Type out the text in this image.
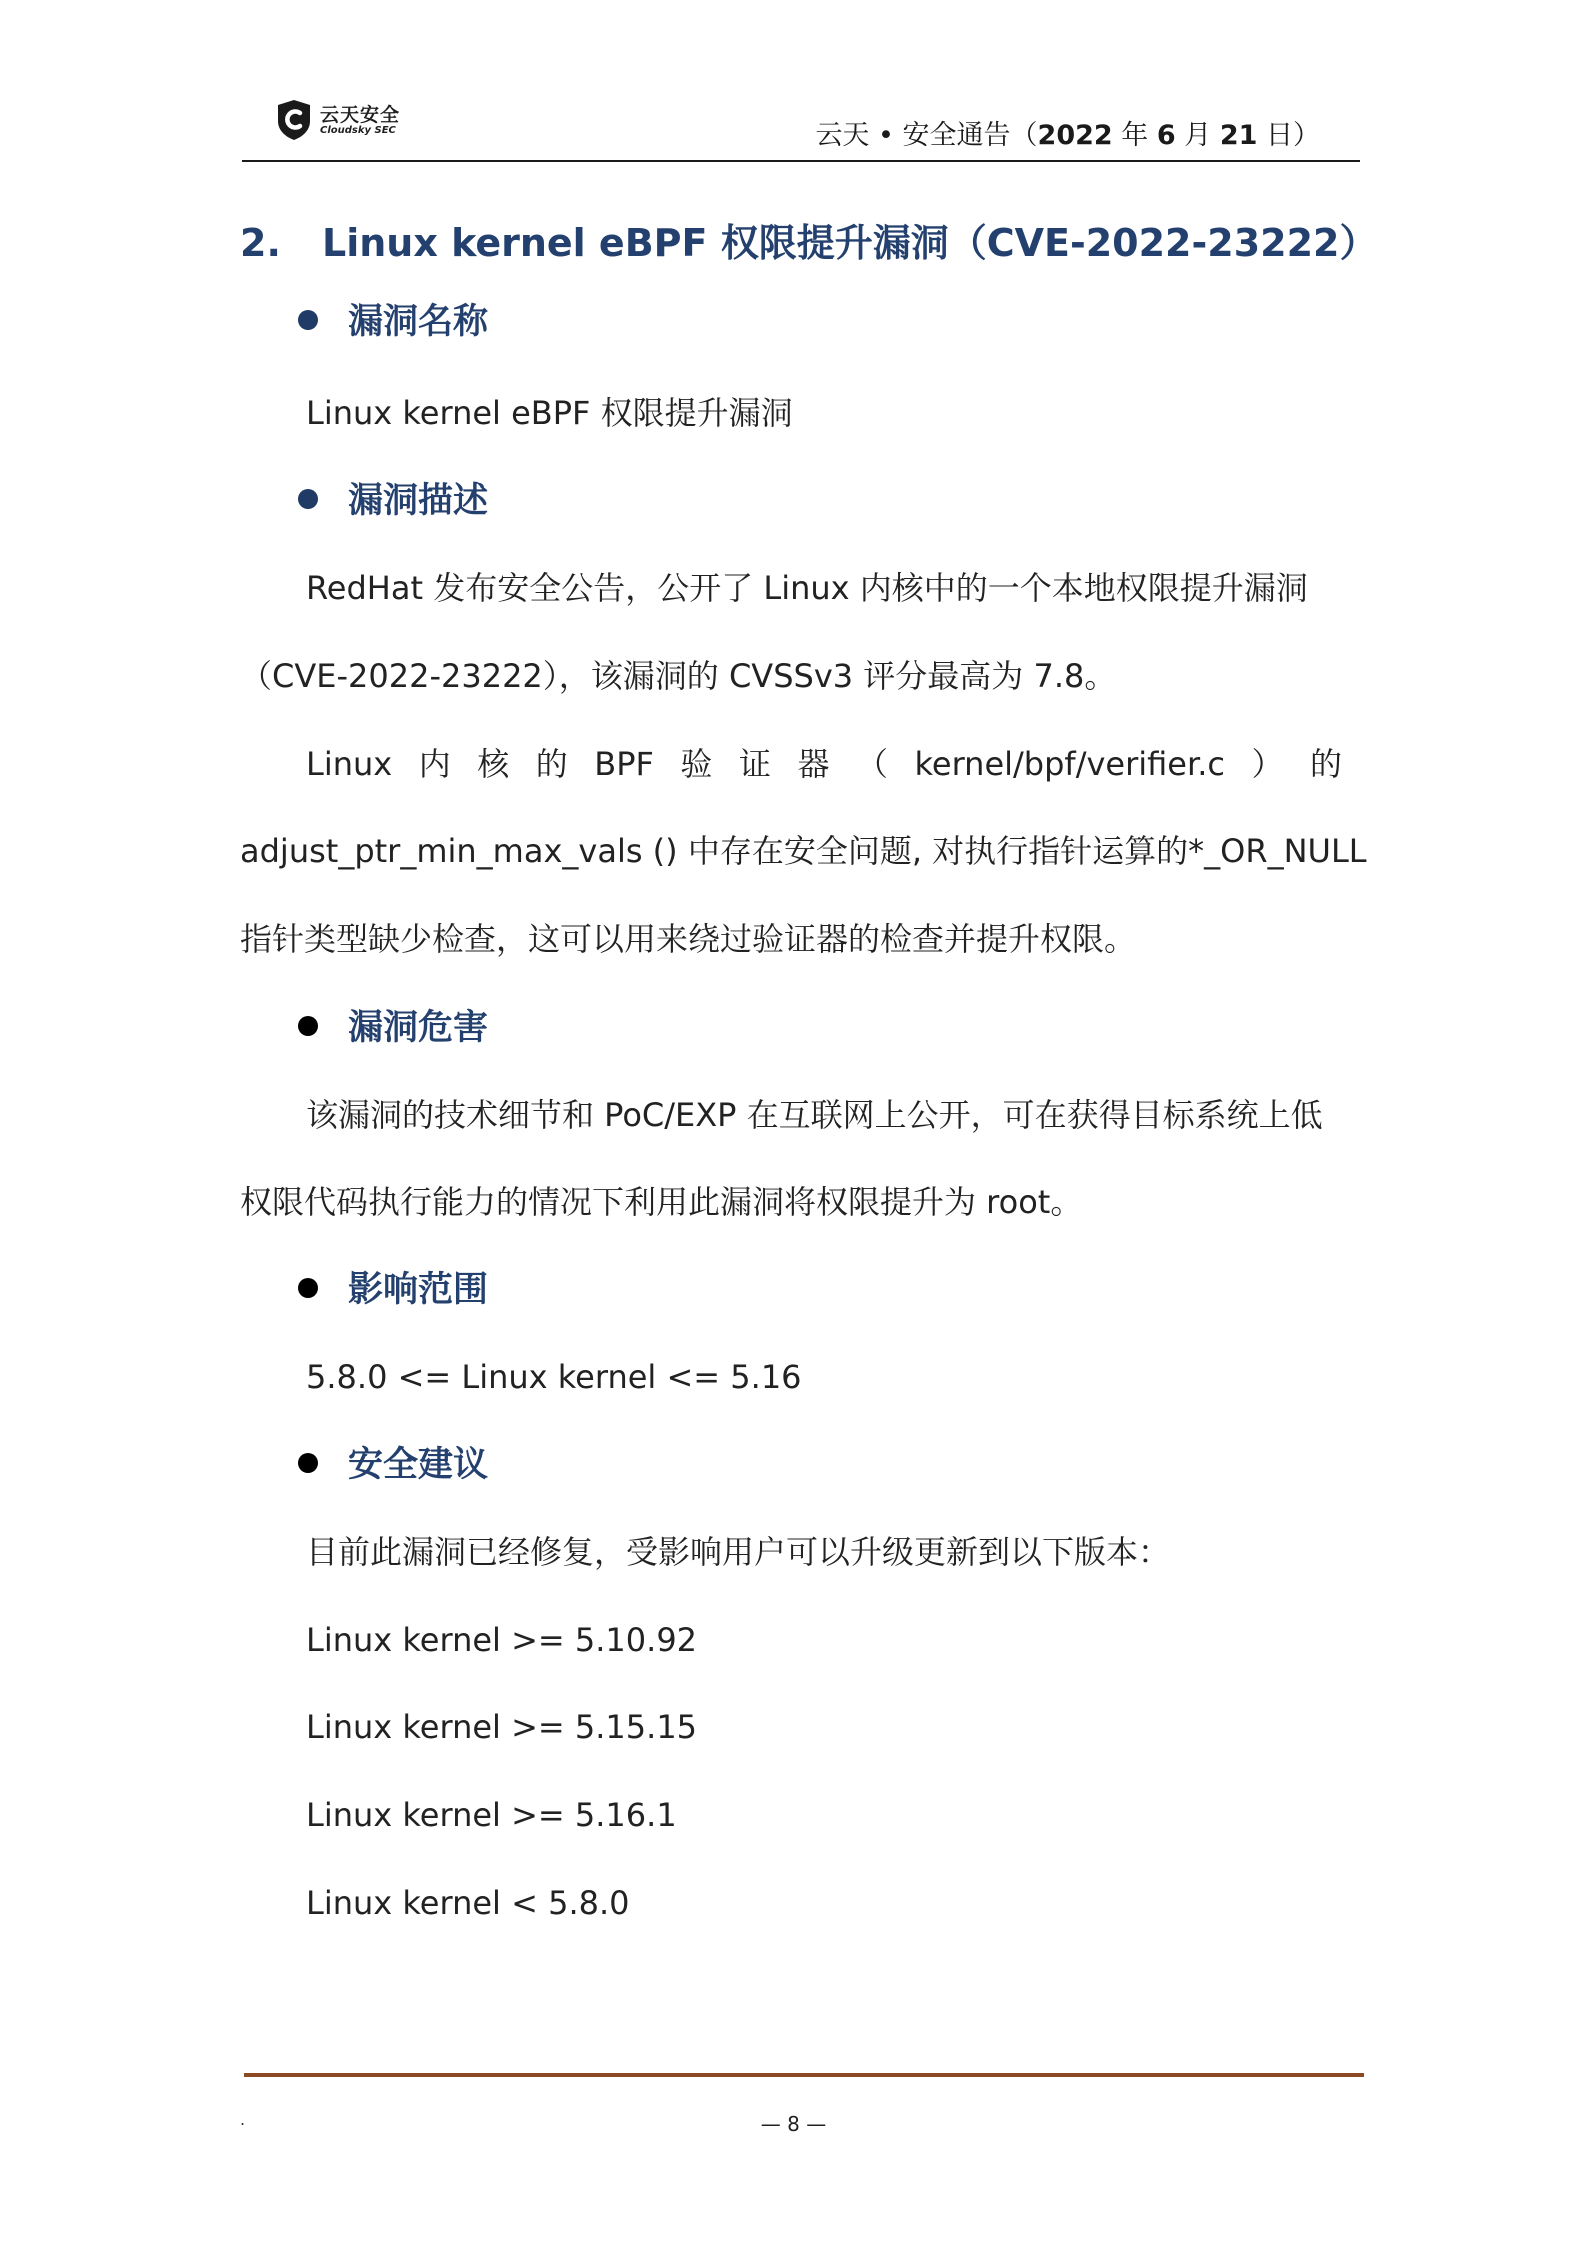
云天安全
Cloudsky SEC	云天 • 安全通告（2022 年 6 月 21 日）
2. Linux kernel eBPF 权限提升漏洞（CVE-2022-23222）
漏洞名称
Linux kernel eBPF 权限提升漏洞
漏洞描述
RedHat 发布安全公告，公开了 Linux 内核中的一个本地权限提升漏洞
（CVE-2022-23222），该漏洞的 CVSSv3 评分最高为 7.8。
Linux 内 核 的 BPF 验 证 器 （ kernel/bpf/verifier.c ） 的
adjust_ptr_min_max_vals () 中存在安全问题, 对执行指针运算的*_OR_NULL
指针类型缺少检查，这可以用来绕过验证器的检查并提升权限。
漏洞危害
该漏洞的技术细节和 PoC/EXP 在互联网上公开，可在获得目标系统上低
权限代码执行能力的情况下利用此漏洞将权限提升为 root。
影响范围
5.8.0 <= Linux kernel <= 5.16
安全建议
目前此漏洞已经修复，受影响用户可以升级更新到以下版本：
Linux kernel >= 5.10.92
Linux kernel >= 5.15.15
Linux kernel >= 5.16.1
Linux kernel < 5.8.0
.	— 8 —
